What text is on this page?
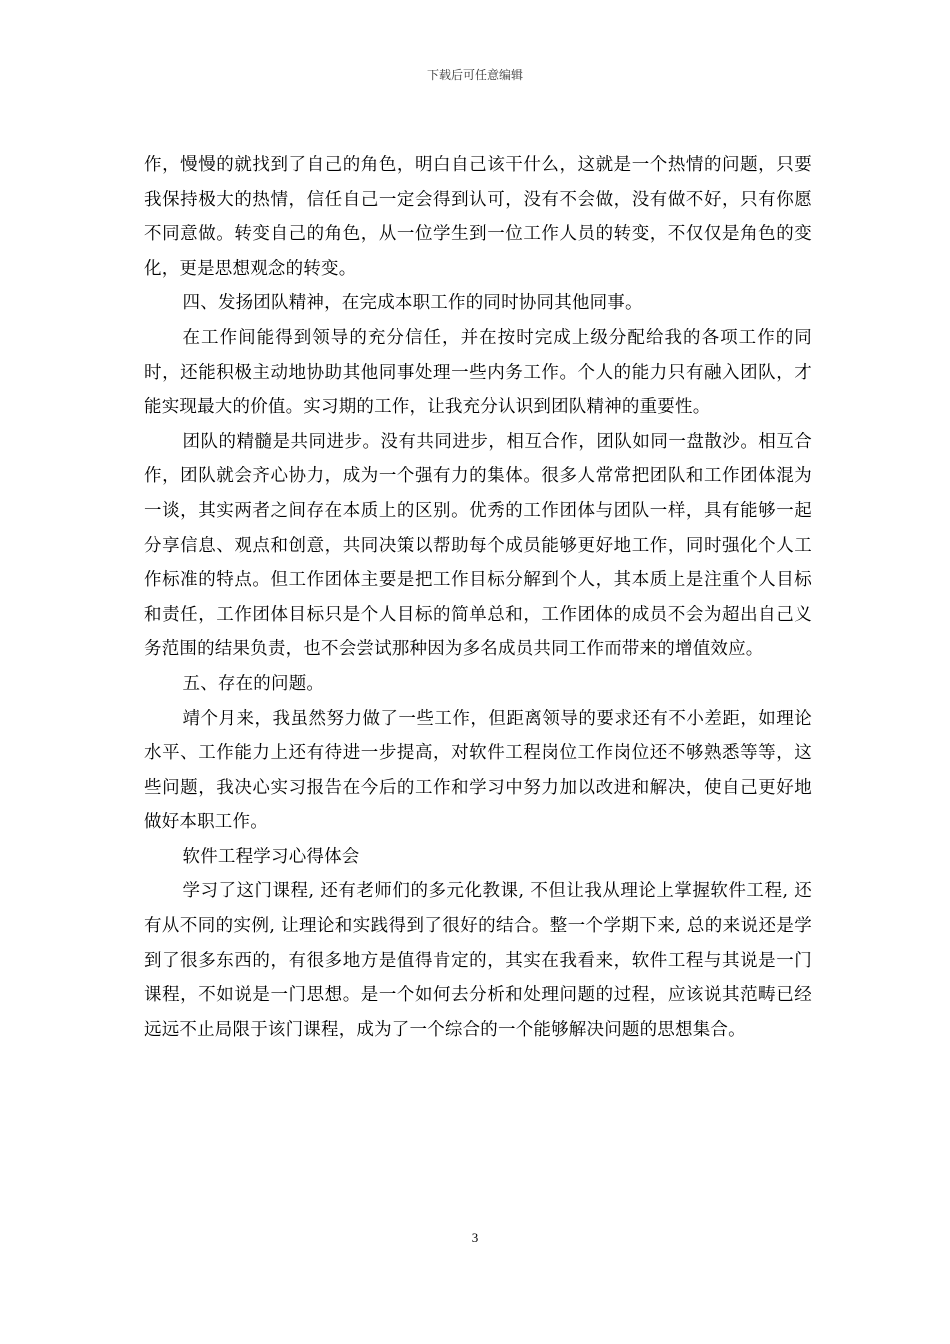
下载后可任意编辑

作，慢慢的就找到了自己的角色，明白自己该干什么，这就是一个热情的问题，只要我保持极大的热情，信任自己一定会得到认可，没有不会做，没有做不好，只有你愿不同意做。转变自己的角色，从一位学生到一位工作人员的转变，不仅仅是角色的变化，更是思想观念的转变。

四、发扬团队精神，在完成本职工作的同时协同其他同事。

在工作间能得到领导的充分信任，并在按时完成上级分配给我的各项工作的同时，还能积极主动地协助其他同事处理一些内务工作。个人的能力只有融入团队，才能实现最大的价值。实习期的工作，让我充分认识到团队精神的重要性。

团队的精髓是共同进步。没有共同进步，相互合作，团队如同一盘散沙。相互合作，团队就会齐心协力，成为一个强有力的集体。很多人常常把团队和工作团体混为一谈，其实两者之间存在本质上的区别。优秀的工作团体与团队一样，具有能够一起分享信息、观点和创意，共同决策以帮助每个成员能够更好地工作，同时强化个人工作标准的特点。但工作团体主要是把工作目标分解到个人，其本质上是注重个人目标和责任，工作团体目标只是个人目标的简单总和，工作团体的成员不会为超出自己义务范围的结果负责，也不会尝试那种因为多名成员共同工作而带来的增值效应。

五、存在的问题。

靖个月来，我虽然努力做了一些工作，但距离领导的要求还有不小差距，如理论水平、工作能力上还有待进一步提高，对软件工程岗位工作岗位还不够熟悉等等，这些问题，我决心实习报告在今后的工作和学习中努力加以改进和解决，使自己更好地做好本职工作。

软件工程学习心得体会

学习了这门课程, 还有老师们的多元化教课, 不但让我从理论上掌握软件工程, 还有从不同的实例, 让理论和实践得到了很好的结合。整一个学期下来, 总的来说还是学到了很多东西的，有很多地方是值得肯定的，其实在我看来，软件工程与其说是一门课程，不如说是一门思想。是一个如何去分析和处理问题的过程，应该说其范畴已经远远不止局限于该门课程，成为了一个综合的一个能够解决问题的思想集合。

3
